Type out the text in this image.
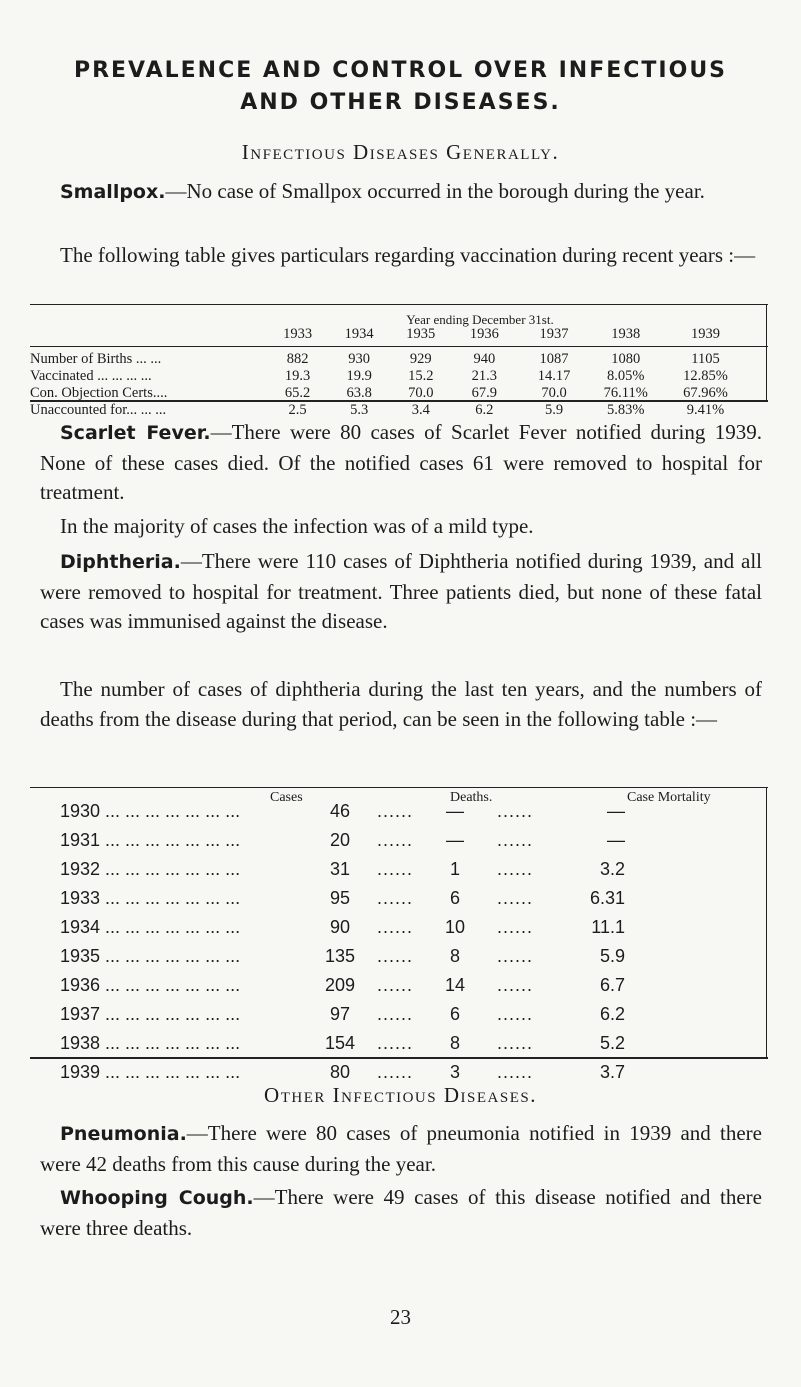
PREVALENCE AND CONTROL OVER INFECTIOUS
AND OTHER DISEASES.
Infectious Diseases Generally.
Smallpox.—No case of Smallpox occurred in the borough during the year.
The following table gives particulars regarding vaccination during recent years :—
Year ending December 31st.
	1933	1934	1935	1936	1937	1938	1939
Number of Births ... ...	882	930	929	940	1087	1080	1105
Vaccinated ... ... ... ...	19.3	19.9	15.2	21.3	14.17	8.05%	12.85%
Con. Objection Certs....	65.2	63.8	70.0	67.9	70.0	76.11%	67.96%
Unaccounted for... ... ...	2.5	5.3	3.4	6.2	5.9	5.83%	9.41%
Scarlet Fever.—There were 80 cases of Scarlet Fever notified during 1939. None of these cases died. Of the notified cases 61 were removed to hospital for treatment.
In the majority of cases the infection was of a mild type.
Diphtheria.—There were 110 cases of Diphtheria notified during 1939, and all were removed to hospital for treatment. Three patients died, but none of these fatal cases was immunised against the disease.
The number of cases of diphtheria during the last ten years, and the numbers of deaths from the disease during that period, can be seen in the following table :—
Cases	Deaths.	Case Mortality
1930 ... ... ... ... ... ... ...	46	......	—	......	—
1931 ... ... ... ... ... ... ...	20	......	—	......	—
1932 ... ... ... ... ... ... ...	31	......	1	......	3.2
1933 ... ... ... ... ... ... ...	95	......	6	......	6.31
1934 ... ... ... ... ... ... ...	90	......	10	......	11.1
1935 ... ... ... ... ... ... ...	135	......	8	......	5.9
1936 ... ... ... ... ... ... ...	209	......	14	......	6.7
1937 ... ... ... ... ... ... ...	97	......	6	......	6.2
1938 ... ... ... ... ... ... ...	154	......	8	......	5.2
1939 ... ... ... ... ... ... ...	80	......	3	......	3.7
Other Infectious Diseases.
Pneumonia.—There were 80 cases of pneumonia notified in 1939 and there were 42 deaths from this cause during the year.
Whooping Cough.—There were 49 cases of this disease notified and there were three deaths.
23
